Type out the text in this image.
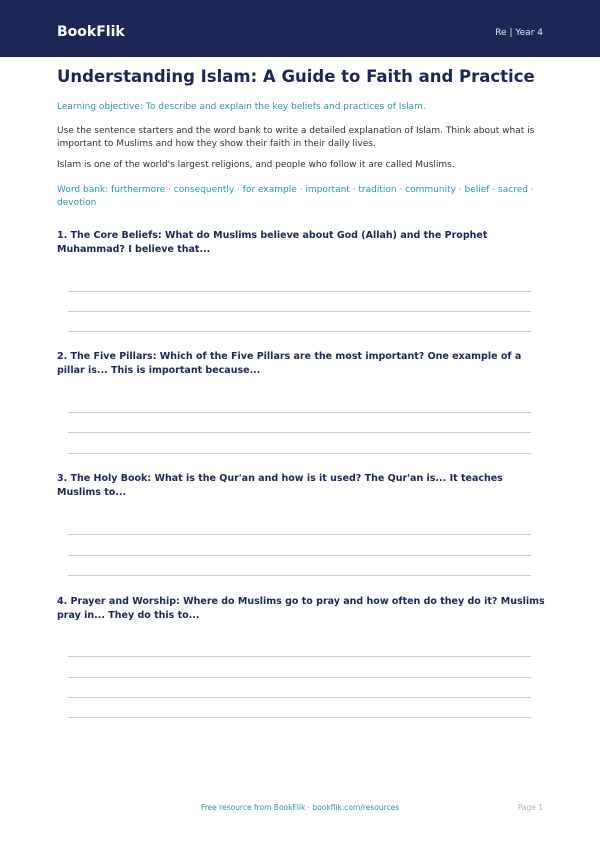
BookFlik	Re | Year 4
Understanding Islam: A Guide to Faith and Practice

Learning objective: To describe and explain the key beliefs and practices of Islam.

Use the sentence starters and the word bank to write a detailed explanation of Islam. Think about what is important to Muslims and how they show their faith in their daily lives.

Islam is one of the world's largest religions, and people who follow it are called Muslims.

Word bank: furthermore · consequently · for example · important · tradition · community · belief · sacred · devotion

1. The Core Beliefs: What do Muslims believe about God (Allah) and the Prophet Muhammad? I believe that...

2. The Five Pillars: Which of the Five Pillars are the most important? One example of a pillar is... This is important because...

3. The Holy Book: What is the Qur'an and how is it used? The Qur'an is... It teaches Muslims to...

4. Prayer and Worship: Where do Muslims go to pray and how often do they do it? Muslims pray in... They do this to...

Free resource from BookFlik · bookflik.com/resources	Page 1
